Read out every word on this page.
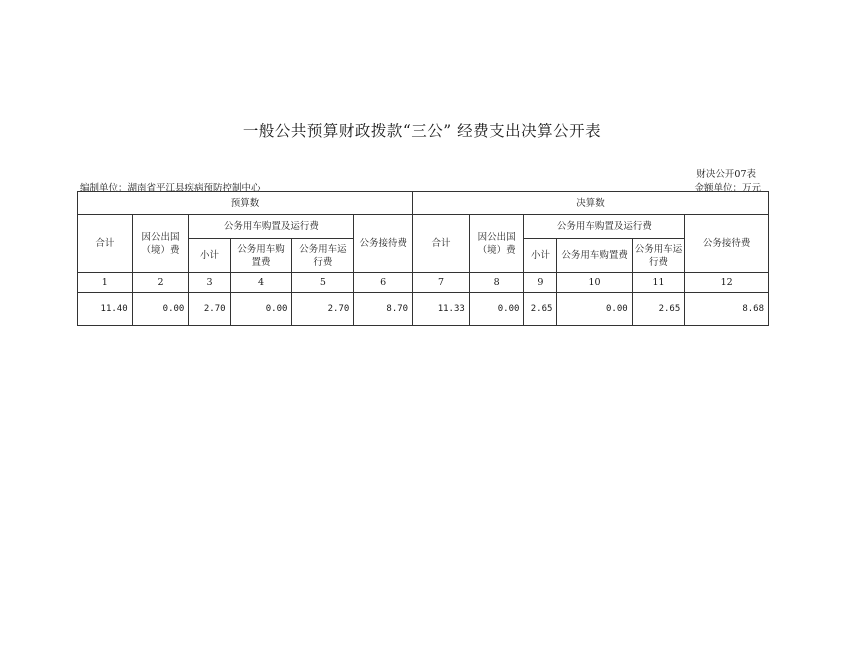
一般公共预算财政拨款“三公” 经费支出决算公开表
财决公开07表
编制单位：湖南省平江县疾病预防控制中心	金额单位：万元
预算数						决算数					
合计	因公出国（境）费	公务用车购置及运行费			公务接待费	合计	因公出国（境）费	公务用车购置及运行费			公务接待费
		小计	公务用车购置费	公务用车运行费				小计	公务用车购置费	公务用车运行费	
1	2	3	4	5	6	7	8	9	10	11	12
11.40	0.00	2.70	0.00	2.70	8.70	11.33	0.00	2.65	0.00	2.65	8.68
